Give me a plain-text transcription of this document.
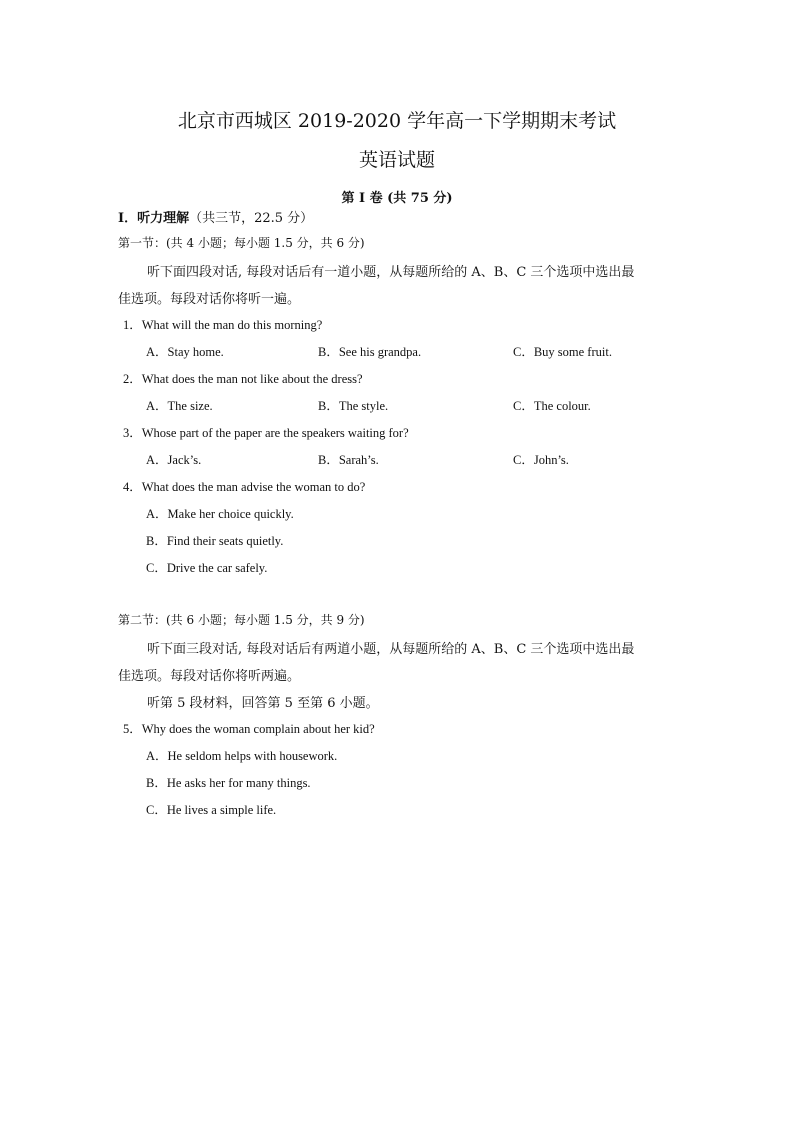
北京市西城区 2019-2020 学年高一下学期期末考试
英语试题
第 I 卷 (共 75 分)
I．听力理解（共三节，22.5 分）
第一节：(共 4 小题；每小题 1.5 分，共 6 分)
听下面四段对话, 每段对话后有一道小题，从每题所给的 A、B、C 三个选项中选出最
佳选项。每段对话你将听一遍。
1．What will the man do this morning?
A．Stay home.	B．See his grandpa.	C．Buy some fruit.
2．What does the man not like about the dress?
A．The size.	B．The style.	C．The colour.
3．Whose part of the paper are the speakers waiting for?
A．Jack’s.	B．Sarah’s.	C．John’s.
4．What does the man advise the woman to do?
A．Make her choice quickly.
B．Find their seats quietly.
C．Drive the car safely.
第二节：(共 6 小题；每小题 1.5 分，共 9 分)
听下面三段对话, 每段对话后有两道小题，从每题所给的 A、B、C 三个选项中选出最
佳选项。每段对话你将听两遍。
听第 5 段材料，回答第 5 至第 6 小题。
5．Why does the woman complain about her kid?
A．He seldom helps with housework.
B．He asks her for many things.
C．He lives a simple life.
